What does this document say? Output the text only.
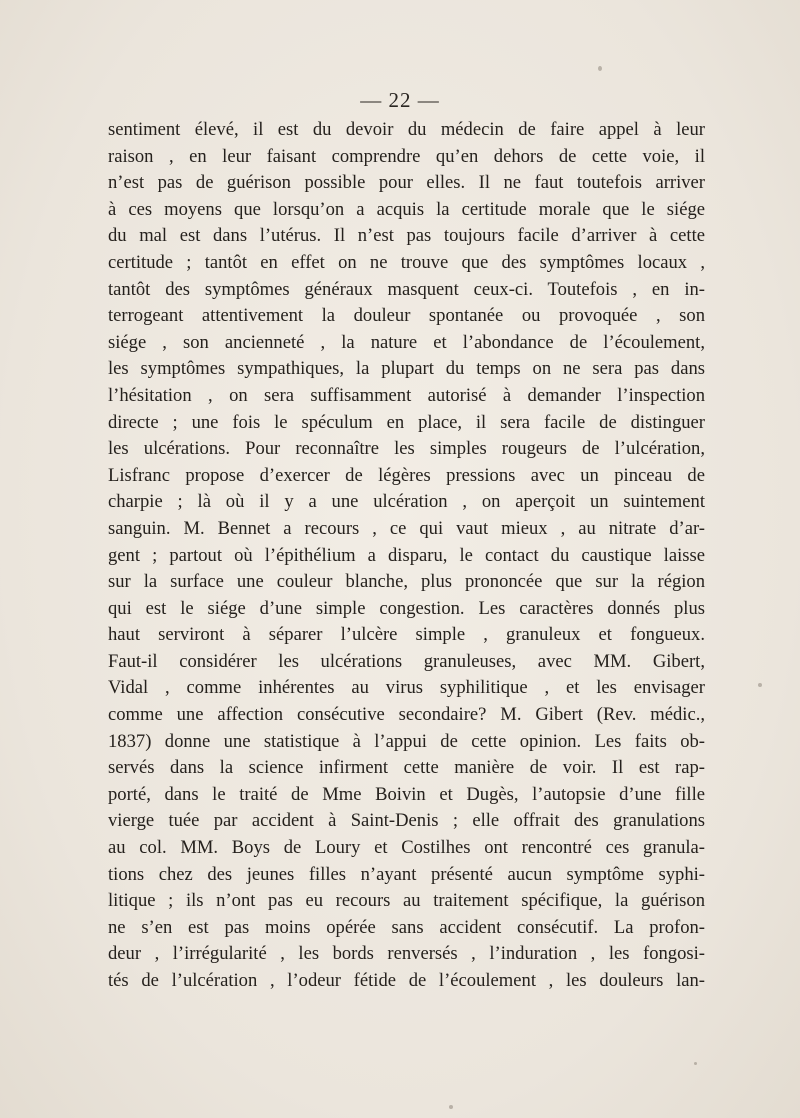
— 22 —
sentiment élevé, il est du devoir du médecin de faire appel à leur
raison , en leur faisant comprendre qu’en dehors de cette voie, il
n’est pas de guérison possible pour elles. Il ne faut toutefois arriver
à ces moyens que lorsqu’on a acquis la certitude morale que le siége
du mal est dans l’utérus. Il n’est pas toujours facile d’arriver à cette
certitude ; tantôt en effet on ne trouve que des symptômes locaux ,
tantôt des symptômes généraux masquent ceux-ci. Toutefois , en in-
terrogeant attentivement la douleur spontanée ou provoquée , son
siége , son ancienneté , la nature et l’abondance de l’écoulement,
les symptômes sympathiques, la plupart du temps on ne sera pas dans
l’hésitation , on sera suffisamment autorisé à demander l’inspection
directe ; une fois le spéculum en place, il sera facile de distinguer
les ulcérations. Pour reconnaître les simples rougeurs de l’ulcération,
Lisfranc propose d’exercer de légères pressions avec un pinceau de
charpie ; là où il y a une ulcération , on aperçoit un suintement
sanguin. M. Bennet a recours , ce qui vaut mieux , au nitrate d’ar-
gent ; partout où l’épithélium a disparu, le contact du caustique laisse
sur la surface une couleur blanche, plus prononcée que sur la région
qui est le siége d’une simple congestion. Les caractères donnés plus
haut serviront à séparer l’ulcère simple , granuleux et fongueux.
Faut-il considérer les ulcérations granuleuses, avec MM. Gibert,
Vidal , comme inhérentes au virus syphilitique , et les envisager
comme une affection consécutive secondaire? M. Gibert (Rev. médic.,
1837) donne une statistique à l’appui de cette opinion. Les faits ob-
servés dans la science infirment cette manière de voir. Il est rap-
porté, dans le traité de Mme Boivin et Dugès, l’autopsie d’une fille
vierge tuée par accident à Saint-Denis ; elle offrait des granulations
au col. MM. Boys de Loury et Costilhes ont rencontré ces granula-
tions chez des jeunes filles n’ayant présenté aucun symptôme syphi-
litique ; ils n’ont pas eu recours au traitement spécifique, la guérison
ne s’en est pas moins opérée sans accident consécutif. La profon-
deur , l’irrégularité , les bords renversés , l’induration , les fongosi-
tés de l’ulcération , l’odeur fétide de l’écoulement , les douleurs lan-
